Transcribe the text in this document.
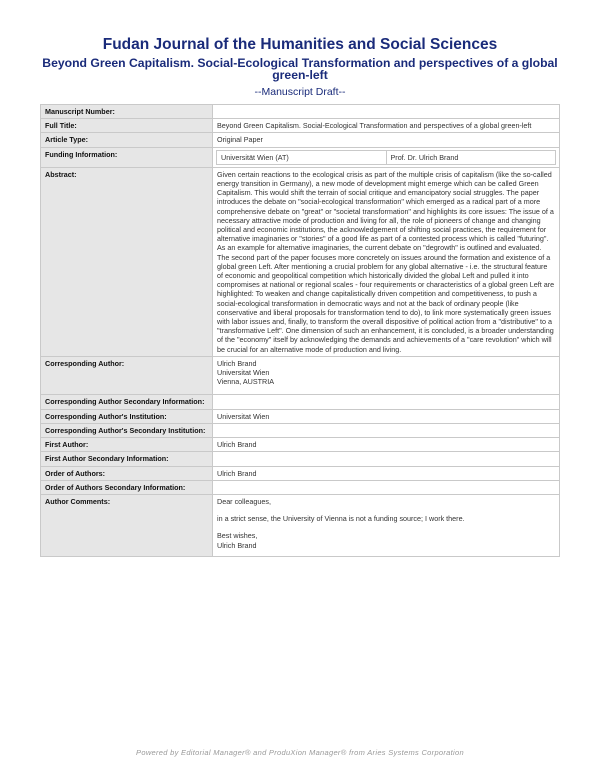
Fudan Journal of the Humanities and Social Sciences
Beyond Green Capitalism. Social-Ecological Transformation and perspectives of a global green-left
--Manuscript Draft--
Manuscript Number:	
Full Title:	Beyond Green Capitalism. Social-Ecological Transformation and perspectives of a global green-left
Article Type:	Original Paper
Funding Information:		Universität Wien (AT)	Prof. Dr. Ulrich Brand

Abstract:	Given certain reactions to the ecological crisis as part of the multiple crisis of capitalism (like the so-called energy transition in Germany), a new mode of development might emerge which can be called Green Capitalism. This would shift the terrain of social critique and emancipatory social struggles. The paper introduces the debate on "social-ecological transformation" which emerged as a radical part of a more comprehensive debate on "great" or "societal transformation" and highlights its core issues: The issue of a necessary attractive mode of production and living for all, the role of pioneers of change and changing political and economic institutions, the acknowledgement of shifting social practices, the requirement for alternative imaginaries or "stories" of a good life as part of a contested process which is called "futuring". As an example for alternative imaginaries, the current debate on "degrowth" is outlined and evaluated. The second part of the paper focuses more concretely on issues around the formation and existence of a global green Left. After mentioning a crucial problem for any global alternative - i.e. the structural feature of economic and geopolitical competition which historically divided the global Left and pulled it into compromises at national or regional scales - four requirements or characteristics of a global green Left are highlighted: To weaken and change capitalistically driven competition and competitiveness, to push a social-ecological transformation in democratic ways and not at the back of ordinary people (like conservative and liberal proposals for transformation tend to do), to link more systematically green issues with labor issues and, finally, to transform the overall dispositive of political action from a "distributive" to a "transformative Left". One dimension of such an enhancement, it is concluded, is a broader understanding of the "economy" itself by acknowledging the demands and achievements of a "care revolution" which will be crucial for an alternative mode of production and living.
Corresponding Author:	Ulrich Brand
Universitat Wien
Vienna, AUSTRIA

Corresponding Author Secondary Information:	
Corresponding Author's Institution:	Universitat Wien
Corresponding Author's Secondary Institution:	
First Author:	Ulrich Brand
First Author Secondary Information:	
Order of Authors:	Ulrich Brand
Order of Authors Secondary Information:	
Author Comments:	Dear colleagues,
in a strict sense, the University of Vienna is not a funding source; I work there.
Best wishes,
Ulrich Brand
Powered by Editorial Manager® and ProduXion Manager® from Aries Systems Corporation
